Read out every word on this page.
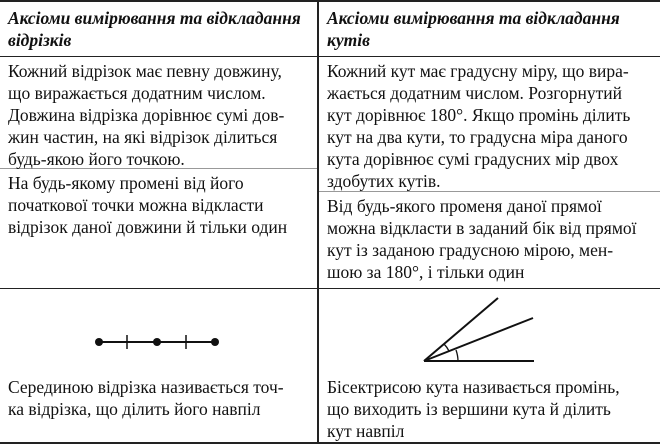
Аксіоми вимірювання та відкладання
відрізків

Аксіоми вимірювання та відкладання
кутів

Кожний відрізок має певну довжину,
що виражається додатним числом.
Довжина відрізка дорівнює сумі дов-
жин частин, на які відрізок ділиться
будь-якою його точкою.

На будь-якому промені від його
початкової точки можна відкласти
відрізок даної довжини й тільки один

Кожний кут має градусну міру, що вира-
жається додатним числом. Розгорнутий
кут дорівнює 180°. Якщо промінь ділить
кут на два кути, то градусна міра даного
кута дорівнює сумі градусних мір двох
здобутих кутів.

Від будь-якого променя даної прямої
можна відкласти в заданий бік від прямої
кут із заданою градусною мірою, мен-
шою за 180°, і тільки один

Серединою відрізка називається точ-
ка відрізка, що ділить його навпіл

Бісектрисою кута називається промінь,
що виходить із вершини кута й ділить
кут навпіл
